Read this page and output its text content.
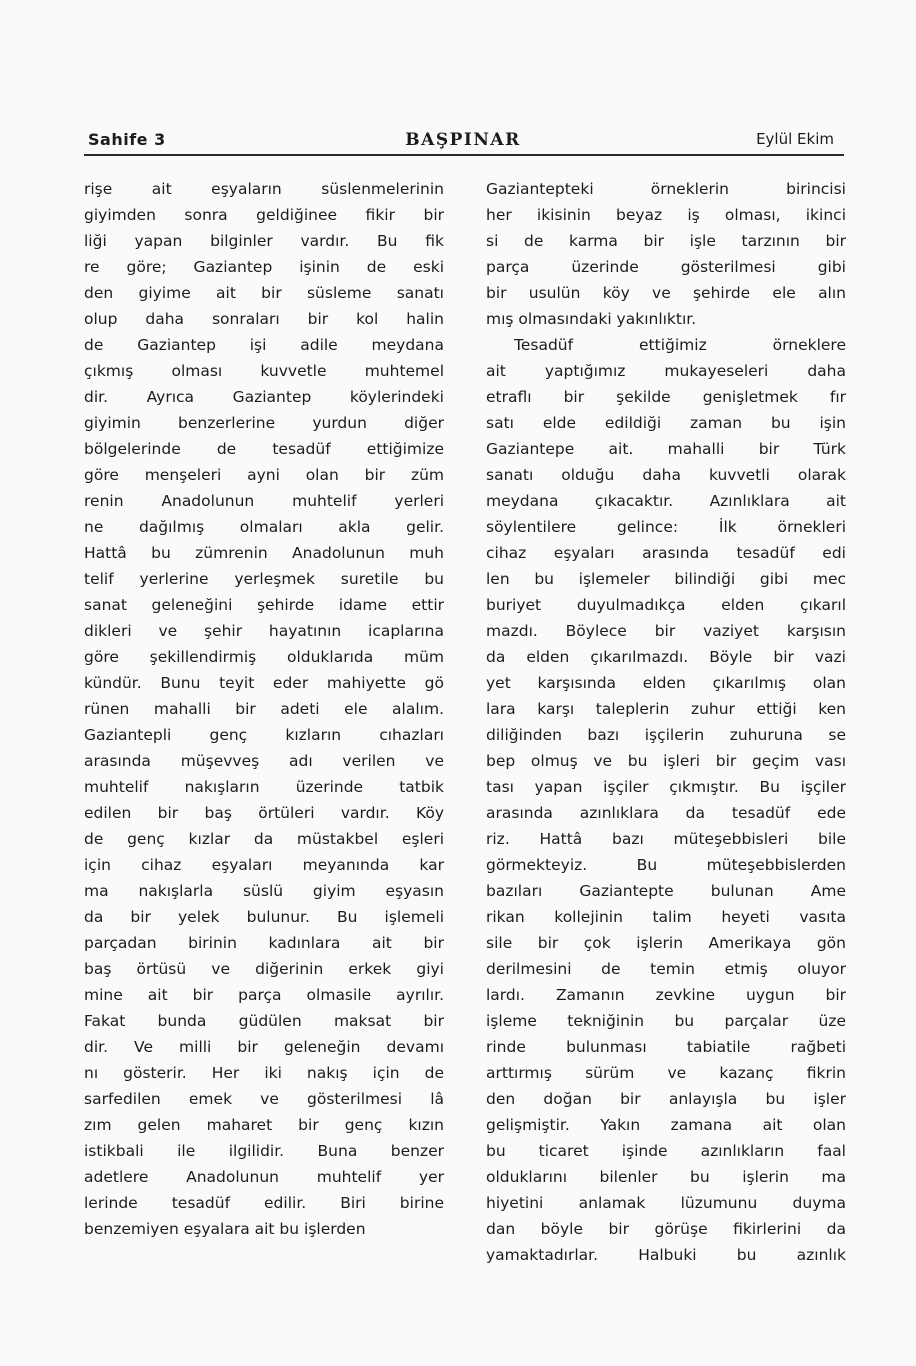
Sahife 3	BAŞPINAR	Eylül Ekim
rişe ait eşyaların süslenmelerinin
giyimden sonra geldiğinee fikir bir
liği yapan bilginler vardır. Bu fik
re göre; Gaziantep işinin de eski
den giyime ait bir süsleme sanatı
olup daha sonraları bir kol halin
de Gaziantep işi adile meydana
çıkmış olması kuvvetle muhtemel
dir. Ayrıca Gaziantep köylerindeki
giyimin benzerlerine yurdun diğer
bölgelerinde de tesadüf ettiğimize
göre menşeleri ayni olan bir züm
renin Anadolunun muhtelif yerleri
ne dağılmış olmaları akla gelir.
Hattâ bu zümrenin Anadolunun muh
telif yerlerine yerleşmek suretile bu
sanat geleneğini şehirde idame ettir
dikleri ve şehir hayatının icaplarına
göre şekillendirmiş olduklarıda müm
kündür. Bunu teyit eder mahiyette gö
rünen mahalli bir adeti ele alalım.
Gaziantepli genç kızların cıhazları
arasında müşevveş adı verilen ve
muhtelif nakışların üzerinde tatbik
edilen bir baş örtüleri vardır. Köy
de genç kızlar da müstakbel eşleri
için cihaz eşyaları meyanında kar
ma nakışlarla süslü giyim eşyasın
da bir yelek bulunur. Bu işlemeli
parçadan birinin kadınlara ait bir
baş örtüsü ve diğerinin erkek giyi
mine ait bir parça olmasile ayrılır.
Fakat bunda güdülen maksat bir
dir. Ve milli bir geleneğin devamı
nı gösterir. Her iki nakış için de
sarfedilen emek ve gösterilmesi lâ
zım gelen maharet bir genç kızın
istikbali ile ilgilidir. Buna benzer
adetlere Anadolunun muhtelif yer
lerinde tesadüf edilir. Biri birine
benzemiyen eşyalara ait bu işlerden
Gazianteptеki örneklerin birincisi
her ikisinin beyaz iş olması, ikinci
si de karma bir işle tarzının bir
parça üzerinde gösterilmesi gibi
bir usulün köy ve şehirde ele alın
mış olmasındaki yakınlıktır.
Tesadüf ettiğimiz örneklere
ait yaptığımız mukayeseleri daha
etraflı bir şekilde genişletmek fır
satı elde edildiği zaman bu işin
Gaziantepe ait. mahalli bir Türk
sanatı olduğu daha kuvvetli olarak
meydana çıkacaktır. Azınlıklara ait
söylentilere gelince: İlk örnekleri
cihaz eşyaları arasında tesadüf edi
len bu işlemeler bilindiği gibi mec
buriyet duyulmadıkça elden çıkarıl
mazdı. Böylece bir vaziyet karşısın
da elden çıkarılmazdı. Böyle bir vazi
yet karşısında elden çıkarılmış olan
lara karşı taleplerin zuhur ettiği ken
diliğinden bazı işçilerin zuhuruna se
bep olmuş ve bu işleri bir geçim vası
tası yapan işçiler çıkmıştır. Bu işçiler
arasında azınlıklara da tesadüf ede
riz. Hattâ bazı müteşebbisleri bile
görmekteyiz. Bu müteşebbislerden
bazıları Gaziantepte bulunan Ame
rikan kollejinin talim heyeti vasıta
sile bir çok işlerin Amerikaya gön
derilmesini de temin etmiş oluyor
lardı. Zamanın zevkine uygun bir
işleme tekniğinin bu parçalar üze
rinde bulunması tabiatile rağbeti
arttırmış sürüm ve kazanç fikrin
den doğan bir anlayışla bu işler
gelişmiştir. Yakın zamana ait olan
bu ticaret işinde azınlıkların faal
olduklarını bilenler bu işlerin ma
hiyetini anlamak lüzumunu duyma
dan böyle bir görüşe fikirlerini da
yamaktadırlar. Halbuki bu azınlık
